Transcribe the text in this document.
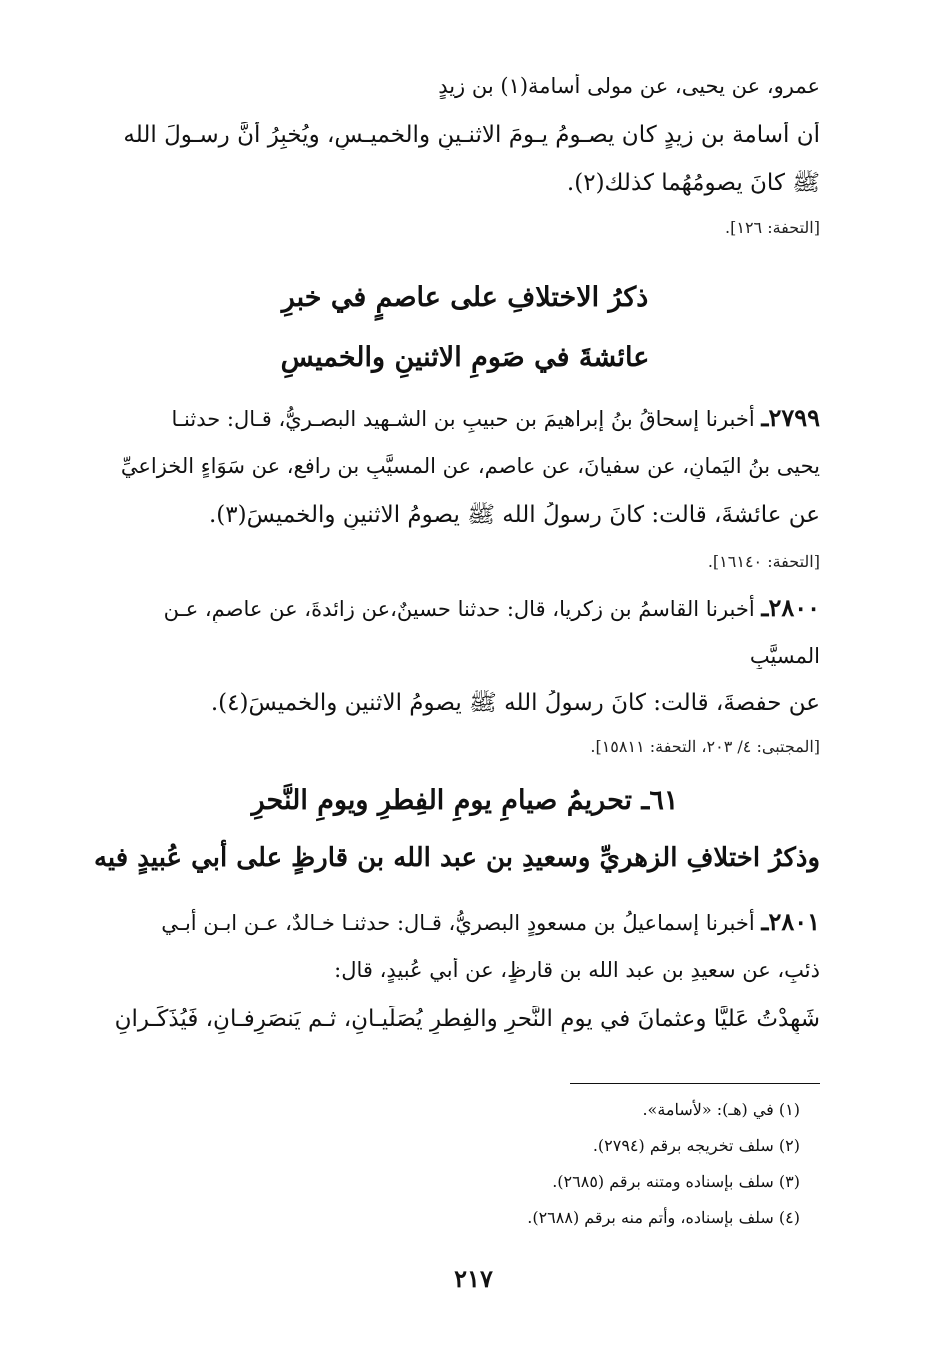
عمرو، عن يحيى، عن مولى أسامة(١) بن زيدٍ
أن أُسامة بن زيدٍ كان يصـومُ يـومَ الاثنـينِ والخميـسِ، ويُخبِرُ أنَّ رسـولَ الله
ﷺ كانَ يصومُهُما كذلك(٢).
[التحفة: ١٢٦].
ذكرُ الاختلافِ على عاصمٍ في خبرِ
عائشةَ في صَومِ الاثنينِ والخميسِ
٢٧٩٩ـ أخبرنا إسحاقُ بنُ إبراهيمَ بن حبيبِ بن الشـهيد البصـريُّ، قـال: حدثنـا
يحيى بنُ اليَمانِ، عن سفيانَ، عن عاصمٍ، عن المسيَّبِ بن رافعٍ، عن سَوَاءٍ الخزاعيِّ
عن عائشةَ، قالت: كانَ رسولُ الله ﷺ يصومُ الاثنينِ والخميسَ(٣).
[التحفة: ١٦١٤٠].
٢٨٠٠ـ أخبرنا القاسمُ بن زكريا، قال: حدثنا حسينٌ،عن زائدةَ، عن عاصمٍ، عـن
المسيَّبِ
عن حفصةَ، قالت: كانَ رسولُ الله ﷺ يصومُ الاثنين والخميسَ(٤).
[المجتبى: ٤/ ٢٠٣، التحفة: ١٥٨١١].
٦١ـ تحريمُ صيامِ يومِ الفِطرِ ويومِ النَّحرِ
وذكرُ اختلافِ الزهريِّ وسعيدِ بن عبد الله بن قارظٍ على أبي عُبيدٍ فيه
٢٨٠١ـ أخبرنا إسماعيلُ بن مسعودٍ البصريُّ، قـال: حدثنـا خـالدٌ، عـن ابـن أبـي
ذئبٍ، عن سعيدِ بن عبد الله بن قارظٍ، عن أبي عُبيدٍ، قال:
شَهِدْتُ عَليًّا وعثمانَ في يومِ النَّحرِ والفِطرِ يُصَلِّيـانِ، ثـم يَنصَرِفـانِ، فَيُذَكِّـرانِ
(١) في (هـ): «لأسامة».
(٢) سلف تخريجه برقم (٢٧٩٤).
(٣) سلف بإسناده ومتنه برقم (٢٦٨٥).
(٤) سلف بإسناده، وأتم منه برقم (٢٦٨٨).
٢١٧
